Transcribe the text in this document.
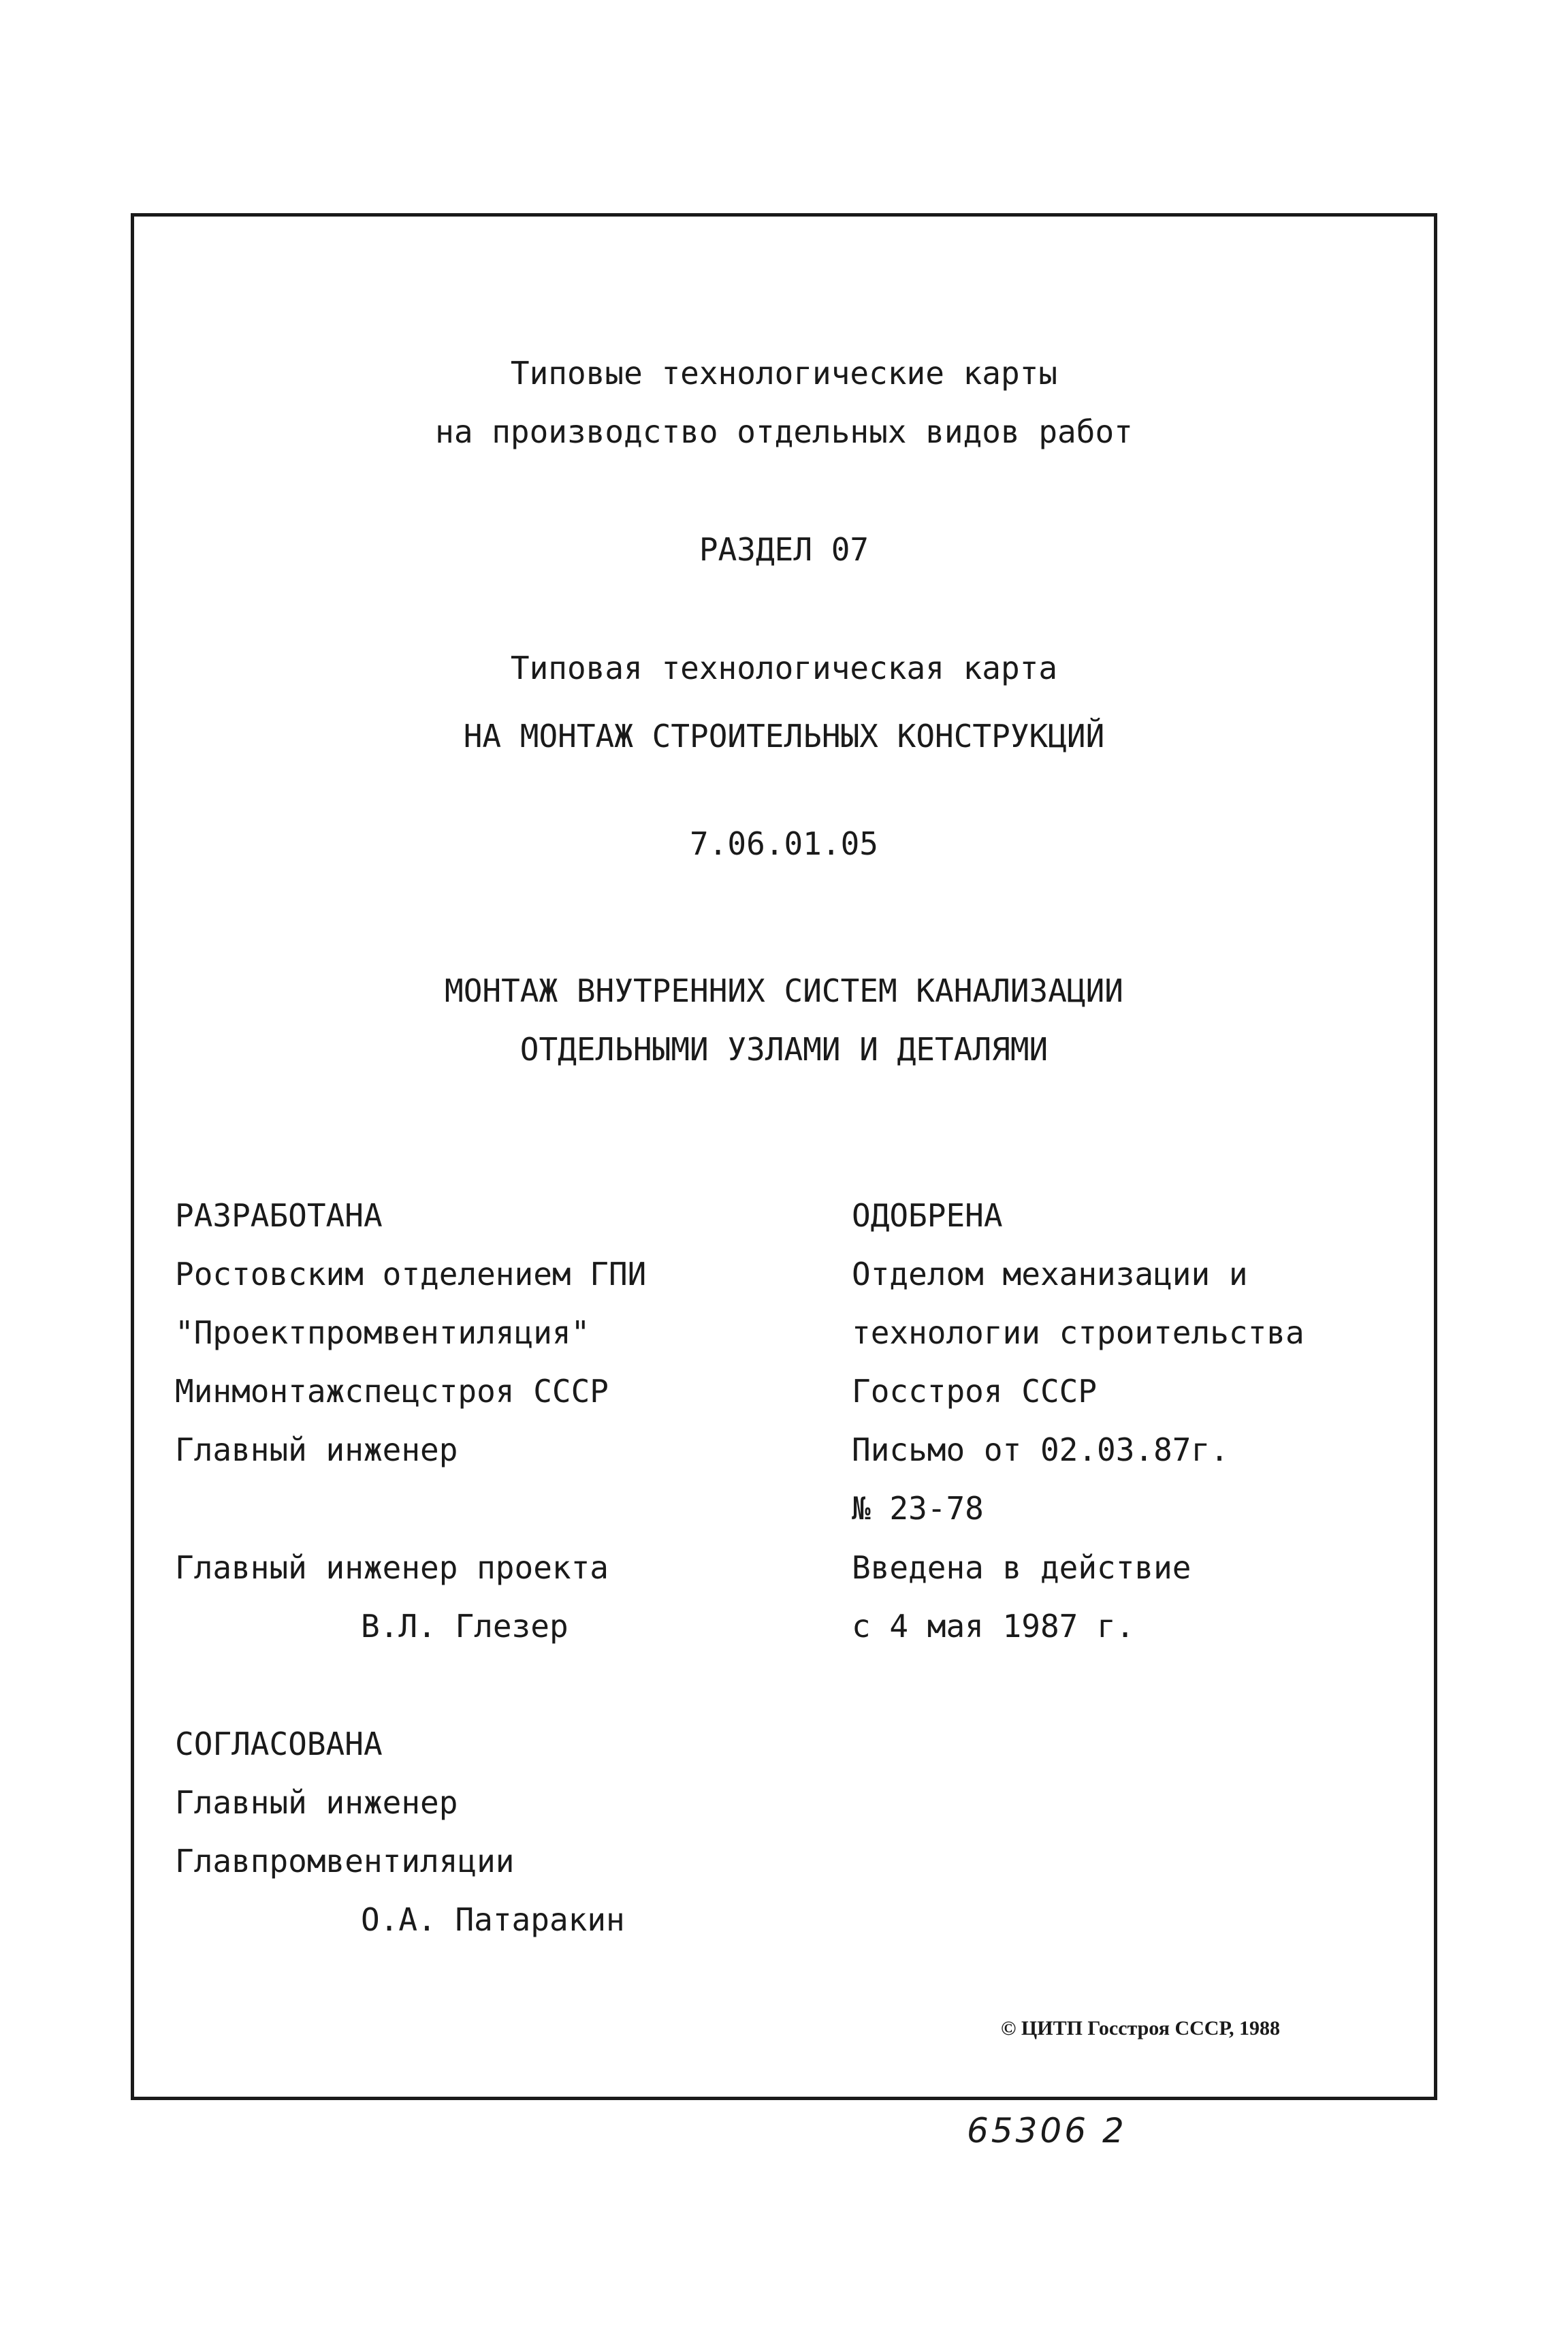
Типовые технологические карты
на производство отдельных видов работ
РАЗДЕЛ 07
Типовая технологическая карта
НА МОНТАЖ СТРОИТЕЛЬНЫХ КОНСТРУКЦИЙ
7.06.01.05
МОНТАЖ ВНУТРЕННИХ СИСТЕМ КАНАЛИЗАЦИИ
ОТДЕЛЬНЫМИ УЗЛАМИ И ДЕТАЛЯМИ
РАЗРАБОТАНА
Ростовским отделением ГПИ
"Проектпромвентиляция"
Минмонтажспецстроя СССР
Главный инженер
Главный инженер проекта
В.Л. Глезер
ОДОБРЕНА
Отделом механизации и
технологии строительства
Госстроя СССР
Письмо от 02.03.87г.
№ 23-78
Введена в действие
с 4 мая 1987 г.
СОГЛАСОВАНА
Главный инженер
Главпромвентиляции
О.А. Патаракин
© ЦИТП Госстроя СССР, 1988
65306 2
